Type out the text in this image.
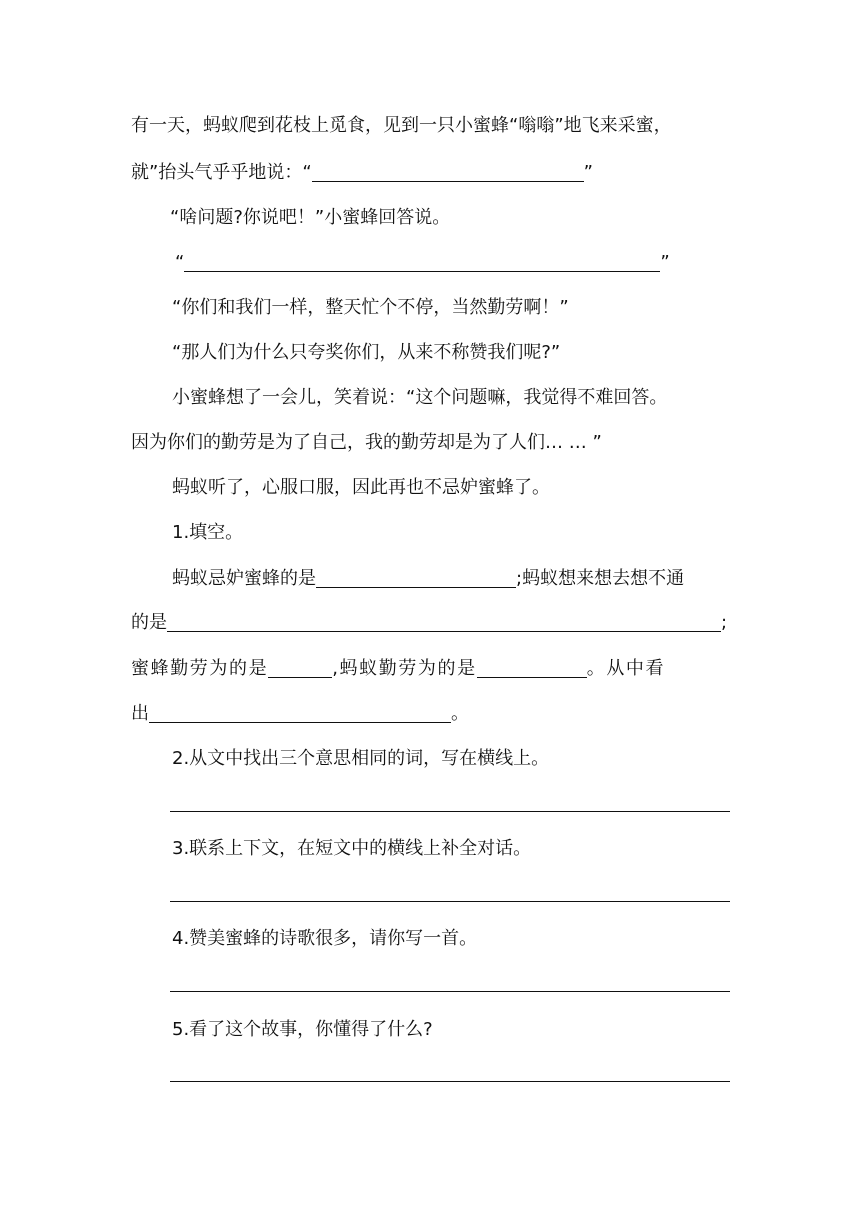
有一天，蚂蚁爬到花枝上觅食，见到一只小蜜蜂“嗡嗡”地飞来采蜜，
就”抬头气乎乎地说：“	”
“啥问题?你说吧！”小蜜蜂回答说。
“	”
“你们和我们一样，整天忙个不停，当然勤劳啊！”
“那人们为什么只夸奖你们，从来不称赞我们呢?”
小蜜蜂想了一会儿，笑着说：“这个问题嘛，我觉得不难回答。
因为你们的勤劳是为了自己，我的勤劳却是为了人们… … ”
蚂蚁听了，心服口服，因此再也不忌妒蜜蜂了。
1.填空。
蚂蚁忌妒蜜蜂的是	;蚂蚁想来想去想不通
的是	;
蜜蜂勤劳为的是	,蚂蚁勤劳为的是	。从中看
出	。
2.从文中找出三个意思相同的词，写在横线上。
3.联系上下文，在短文中的横线上补全对话。
4.赞美蜜蜂的诗歌很多，请你写一首。
5.看了这个故事，你懂得了什么?
